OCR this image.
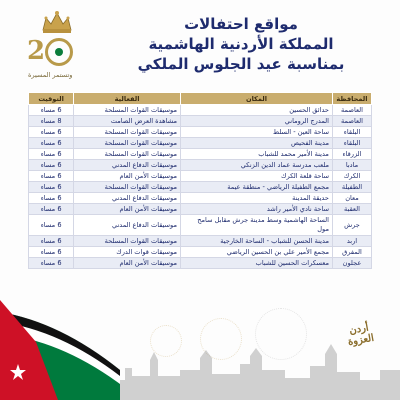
2
وتستمر المسيرة
مواقع احتفالات
المملكة الأردنية الهاشمية
بمناسبة عيد الجلوس الملكي
المحافظة	المكان	الفعالية	التوقيت
العاصمة	حدائق الحسين	موسيقات القوات المسلحة	6 مساء
العاصمة	المدرج الروماني	مشاهدة العرض الصامت	8 مساء
البلقاء	ساحة العين - السلط	موسيقات القوات المسلحة	6 مساء
البلقاء	مدينة الفحيص	موسيقات القوات المسلحة	6 مساء
الزرقاء	مدينة الأمير محمد للشباب	موسيقات القوات المسلحة	6 مساء
مادبا	ملعب مدرسة عماد الدين الزنكي	موسيقات الدفاع المدني	6 مساء
الكرك	ساحة قلعة الكرك	موسيقات الأمن العام	6 مساء
الطفيلة	مجمع الطفيلة الرياضي - منطقة عيمة	موسيقات القوات المسلحة	6 مساء
معان	حديقة المدينة	موسيقات الدفاع المدني	6 مساء
العقبة	ساحة نادي الأمير راشد	موسيقات الأمن العام	6 مساء
جرش	الساحة الهاشمية وسط مدينة جرش مقابل سامح مول	موسيقات الدفاع المدني	6 مساء
اربد	مدينة الحسن للشباب - الساحة الخارجية	موسيقات القوات المسلحة	6 مساء
المفرق	مجمع الأمير علي بن الحسين الرياضي	موسيقات قوات الدرك	6 مساء
عجلون	معسكرات الحسين للشباب	موسيقات الأمن العام	6 مساء
أردن
العزوة
